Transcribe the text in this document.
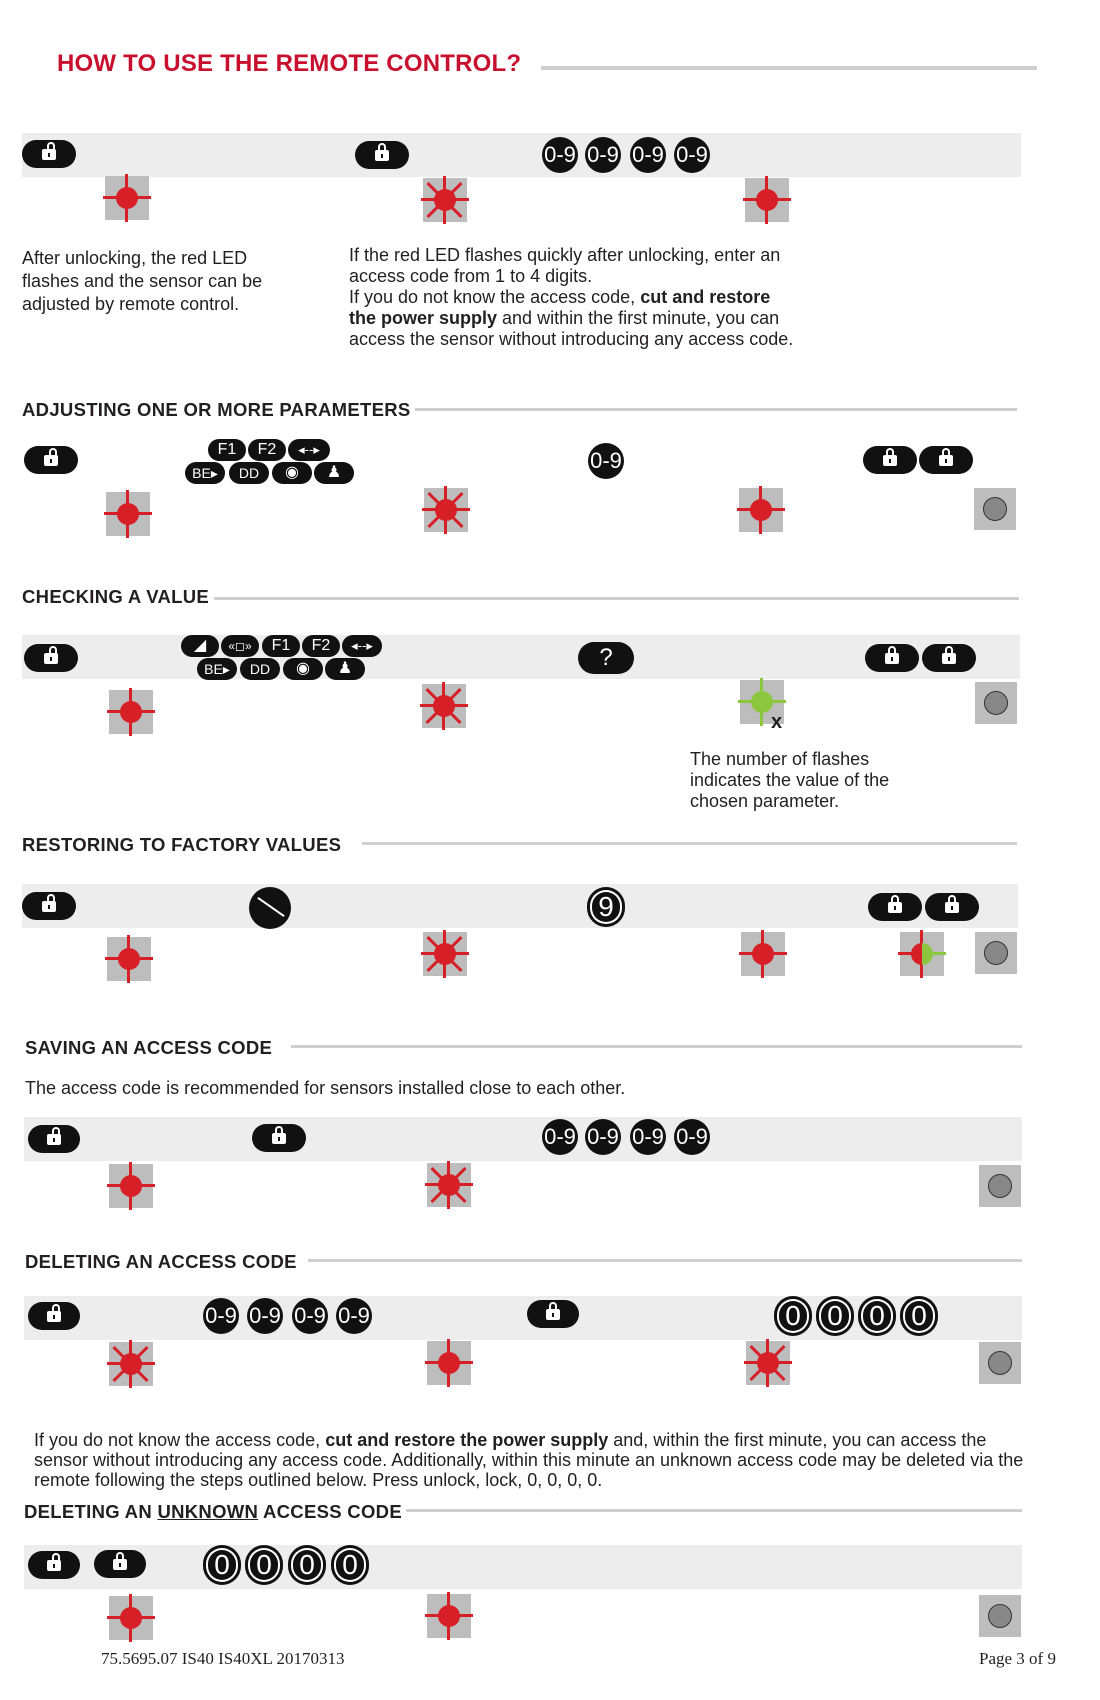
HOW TO USE THE REMOTE CONTROL?
0-9 0-9 0-9 0-9
After unlocking, the red LED flashes and the sensor can be adjusted by remote control.
If the red LED flashes quickly after unlocking, enter an access code from 1 to 4 digits.
If you do not know the access code, cut and restore the power supply and within the first minute, you can access the sensor without introducing any access code.
ADJUSTING ONE OR MORE PARAMETERS
F1	F2	◂‑‑▸
BE▸	DD	◉	♟	0-9
CHECKING A VALUE
◢	«◻»	F1	F2	◂‑‑▸
BE▸	DD	◉	♟	?
x
The number of flashes indicates the value of the chosen parameter.
RESTORING TO FACTORY VALUES
9
SAVING AN ACCESS CODE
The access code is recommended for sensors installed close to each other.
0-9 0-9 0-9 0-9
DELETING AN ACCESS CODE
0-9 0-9 0-9 0-9	0 0 0 0
If you do not know the access code, cut and restore the power supply and, within the first minute, you can access the sensor without introducing any access code. Additionally, within this minute an unknown access code may be deleted via the remote following the steps outlined below. Press unlock, lock, 0, 0, 0, 0.
DELETING AN UNKNOWN ACCESS CODE
0 0 0 0
75.5695.07 IS40 IS40XL 20170313	Page 3 of 9
